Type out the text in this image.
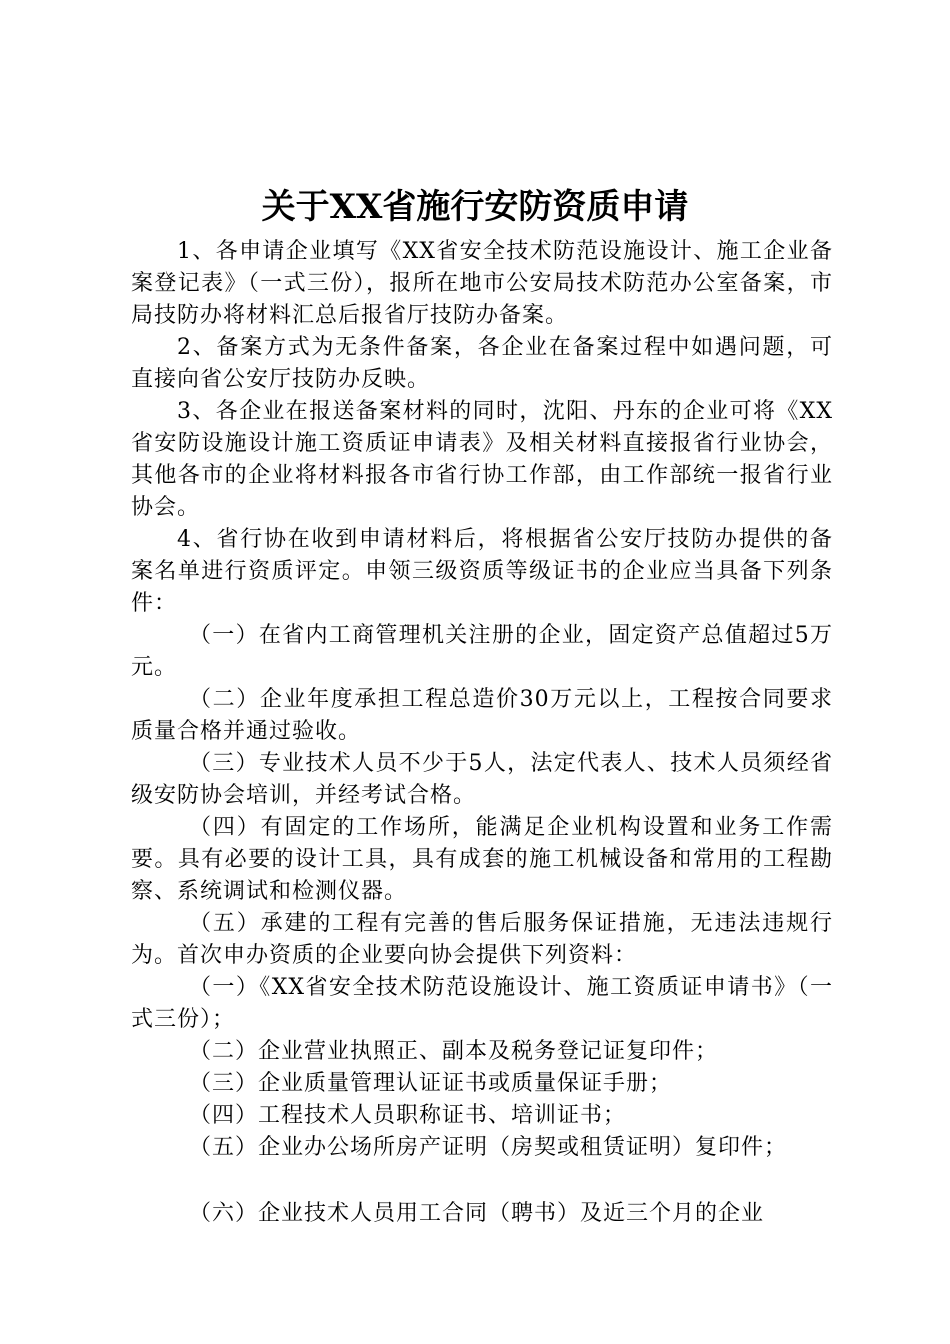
关于XX省施行安防资质申请

1、各申请企业填写《XX省安全技术防范设施设计、施工企业备案登记表》（一式三份），报所在地市公安局技术防范办公室备案，市局技防办将材料汇总后报省厅技防办备案。

2、备案方式为无条件备案，各企业在备案过程中如遇问题，可直接向省公安厅技防办反映。

3、各企业在报送备案材料的同时，沈阳、丹东的企业可将《XX省安防设施设计施工资质证申请表》及相关材料直接报省行业协会，其他各市的企业将材料报各市省行协工作部，由工作部统一报省行业协会。

4、省行协在收到申请材料后，将根据省公安厅技防办提供的备案名单进行资质评定。申领三级资质等级证书的企业应当具备下列条件：

（一）在省内工商管理机关注册的企业，固定资产总值超过5万元。

（二）企业年度承担工程总造价30万元以上，工程按合同要求质量合格并通过验收。

（三）专业技术人员不少于5人，法定代表人、技术人员须经省级安防协会培训，并经考试合格。

（四）有固定的工作场所，能满足企业机构设置和业务工作需要。具有必要的设计工具，具有成套的施工机械设备和常用的工程勘察、系统调试和检测仪器。

（五）承建的工程有完善的售后服务保证措施，无违法违规行为。首次申办资质的企业要向协会提供下列资料：

（一）《XX省安全技术防范设施设计、施工资质证申请书》（一式三份）；

（二）企业营业执照正、副本及税务登记证复印件；

（三）企业质量管理认证证书或质量保证手册；

（四）工程技术人员职称证书、培训证书；

（五）企业办公场所房产证明（房契或租赁证明）复印件；

（六）企业技术人员用工合同（聘书）及近三个月的企业
